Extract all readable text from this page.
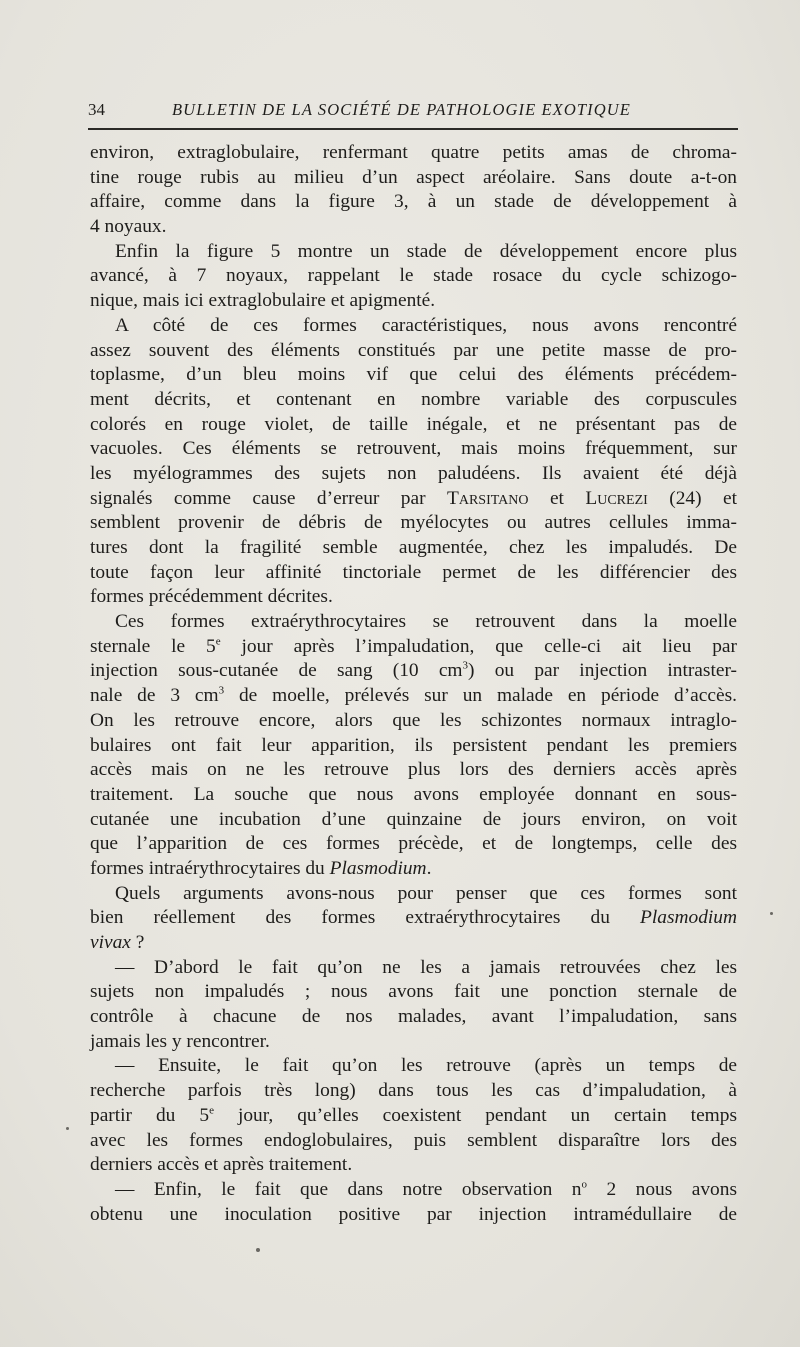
34	BULLETIN DE LA SOCIÉTÉ DE PATHOLOGIE EXOTIQUE
environ, extraglobulaire, renfermant quatre petits amas de chroma-
tine rouge rubis au milieu d’un aspect aréolaire. Sans doute a-t-on
affaire, comme dans la figure 3, à un stade de développement à
4 noyaux.
Enfin la figure 5 montre un stade de développement encore plus
avancé, à 7 noyaux, rappelant le stade rosace du cycle schizogo-
nique, mais ici extraglobulaire et apigmenté.
A côté de ces formes caractéristiques, nous avons rencontré
assez souvent des éléments constitués par une petite masse de pro-
toplasme, d’un bleu moins vif que celui des éléments précédem-
ment décrits, et contenant en nombre variable des corpuscules
colorés en rouge violet, de taille inégale, et ne présentant pas de
vacuoles. Ces éléments se retrouvent, mais moins fréquemment, sur
les myélogrammes des sujets non paludéens. Ils avaient été déjà
signalés comme cause d’erreur par Tarsitano et Lucrezi (24) et
semblent provenir de débris de myélocytes ou autres cellules imma-
tures dont la fragilité semble augmentée, chez les impaludés. De
toute façon leur affinité tinctoriale permet de les différencier des
formes précédemment décrites.
Ces formes extraérythrocytaires se retrouvent dans la moelle
sternale le 5e jour après l’impaludation, que celle-ci ait lieu par
injection sous-cutanée de sang (10 $cm^3$) ou par injection intraster-
nale de 3 $cm^3$ de moelle, prélevés sur un malade en période d’accès.
On les retrouve encore, alors que les schizontes normaux intraglo-
bulaires ont fait leur apparition, ils persistent pendant les premiers
accès mais on ne les retrouve plus lors des derniers accès après
traitement. La souche que nous avons employée donnant en sous-
cutanée une incubation d’une quinzaine de jours environ, on voit
que l’apparition de ces formes précède, et de longtemps, celle des
formes intraérythrocytaires du Plasmodium.
Quels arguments avons-nous pour penser que ces formes sont
bien réellement des formes extraérythrocytaires du Plasmodium
vivax ?
— D’abord le fait qu’on ne les a jamais retrouvées chez les
sujets non impaludés ; nous avons fait une ponction sternale de
contrôle à chacune de nos malades, avant l’impaludation, sans
jamais les y rencontrer.
— Ensuite, le fait qu’on les retrouve (après un temps de
recherche parfois très long) dans tous les cas d’impaludation, à
partir du 5e jour, qu’elles coexistent pendant un certain temps
avec les formes endoglobulaires, puis semblent disparaître lors des
derniers accès et après traitement.
— Enfin, le fait que dans notre observation $n^o$ 2 nous avons
obtenu une inoculation positive par injection intramédullaire de
